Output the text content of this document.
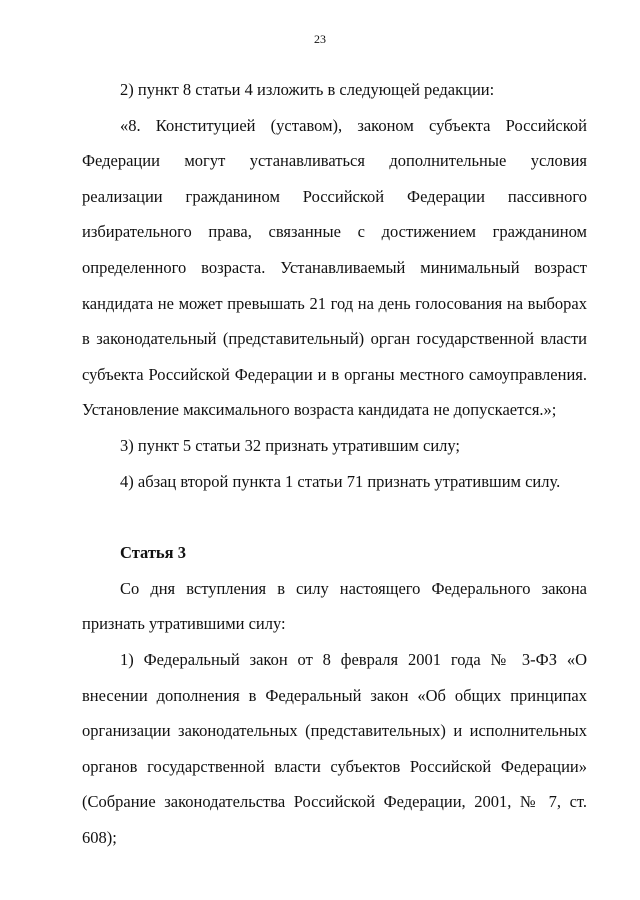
23

2) пункт 8 статьи 4 изложить в следующей редакции:

«8. Конституцией (уставом), законом субъекта Российской Федерации могут устанавливаться дополнительные условия реализации гражданином Российской Федерации пассивного избирательного права, связанные с достижением гражданином определенного возраста. Устанавливаемый минимальный возраст кандидата не может превышать 21 год на день голосования на выборах в законодательный (представительный) орган государственной власти субъекта Российской Федерации и в органы местного самоуправления. Установление максимального возраста кандидата не допускается.»;

3) пункт 5 статьи 32 признать утратившим силу;

4) абзац второй пункта 1 статьи 71 признать утратившим силу.

Статья 3

Со дня вступления в силу настоящего Федерального закона признать утратившими силу:

1) Федеральный закон от 8 февраля 2001 года № 3-ФЗ «О внесении дополнения в Федеральный закон «Об общих принципах организации законодательных (представительных) и исполнительных органов государственной власти субъектов Российской Федерации» (Собрание законодательства Российской Федерации, 2001, № 7, ст. 608);
